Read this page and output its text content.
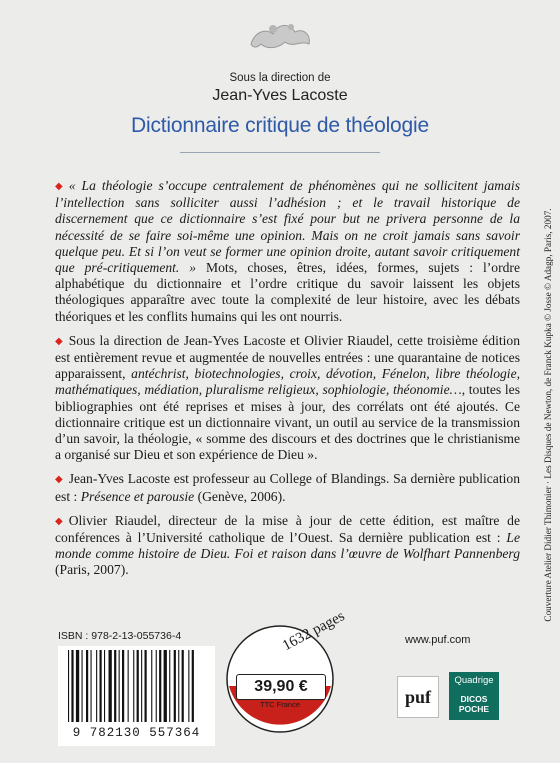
Sous la direction de
Jean-Yves Lacoste
Dictionnaire critique de théologie

◆ « La théologie s’occupe centralement de phénomènes qui ne sollicitent jamais l’intellection sans solliciter aussi l’adhésion ; et le travail historique de discernement que ce dictionnaire s’est fixé pour but ne privera personne de la nécessité de se faire soi-même une opinion. Mais on ne croit jamais sans savoir quelque peu. Et si l’on veut se former une opinion droite, autant savoir critiquement que pré-critiquement. » Mots, choses, êtres, idées, formes, sujets : l’ordre alphabétique du dictionnaire et l’ordre critique du savoir laissent les objets théologiques apparaître avec toute la complexité de leur histoire, avec les débats théoriques et les conflits humains qui les ont nourris.

◆ Sous la direction de Jean-Yves Lacoste et Olivier Riaudel, cette troisième édition est entièrement revue et augmentée de nouvelles entrées : une quarantaine de notices apparaissent, antéchrist, biotechnologies, croix, dévotion, Fénelon, libre théologie, mathématiques, médiation, pluralisme religieux, sophiologie, théonomie…, toutes les bibliographies ont été reprises et mises à jour, des corrélats ont été ajoutés. Ce dictionnaire critique est un dictionnaire vivant, un outil au service de la transmission d’un savoir, la théologie, « somme des discours et des doctrines que le christianisme a organisé sur Dieu et son expérience de Dieu ».

◆ Jean-Yves Lacoste est professeur au College of Blandings. Sa dernière publication est : Présence et parousie (Genève, 2006).

◆ Olivier Riaudel, directeur de la mise à jour de cette édition, est maître de conférences à l’Université catholique de l’Ouest. Sa dernière publication est : Le monde comme histoire de Dieu. Foi et raison dans l’œuvre de Wolfhart Pannenberg (Paris, 2007).	Couverture Atelier Didier Thimonier · Les Disques de Newton, de Franck Kupka © Josse © Adagp, Paris, 2007.
ISBN : 978-2-13-055736-4
9 782130 557364
1632 pages
39,90 €
TTC France
www.puf.com
puf
Quadrige
DICOS POCHE
